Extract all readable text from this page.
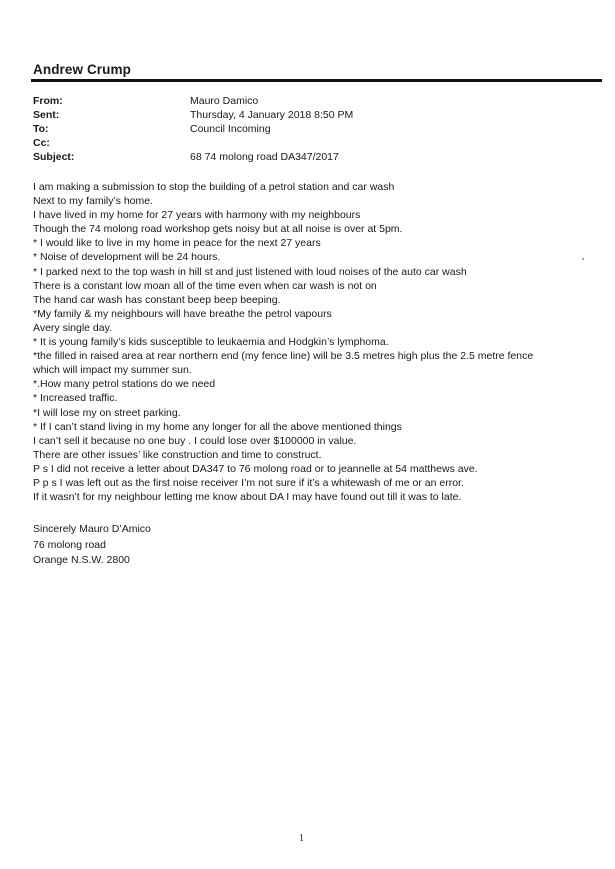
Andrew Crump
From:	Mauro Damico
Sent:	Thursday, 4 January 2018 8:50 PM
To:	Council Incoming
Cc:
Subject:	68 74 molong road DA347/2017
I am making a submission to stop the building of a petrol station and car wash
Next to my family’s home.
I have lived in my home for 27 years with harmony with my neighbours
Though the 74 molong road workshop gets noisy but at all noise is over at 5pm.
* I would like to live in my home in peace for the next 27 years
* Noise of development will be 24 hours.
* I parked next to the top wash in hill st and just listened with loud noises of the auto car wash
There is a constant low moan all of the time even when car wash is not on
The hand car wash has constant beep beep beeping.
*My family & my neighbours will have breathe the petrol vapours
Avery single day.
* It is young family’s kids susceptible to leukaemia and Hodgkin’s lymphoma.
*the filled in raised area at rear northern end (my fence line) will be 3.5 metres high plus the 2.5 metre fence
which will impact my summer sun.
*.How many petrol stations do we need
* Increased traffic.
*I will lose my on street parking.
* If I can’t stand living in my home any longer for all the above mentioned things
I can’t sell it because no one buy . I could lose over $100000 in value.
There are other issues’ like construction and time to construct.
P s I did not receive a letter about DA347 to 76 molong road or to jeannelle at 54 matthews ave.
P p s I was left out as the first noise receiver I’m not sure if it’s a whitewash of me or an error.
If it wasn’t for my neighbour letting me know about DA I may have found out till it was to late.
Sincerely Mauro D’Amico
76 molong road
Orange N.S.W. 2800
1
